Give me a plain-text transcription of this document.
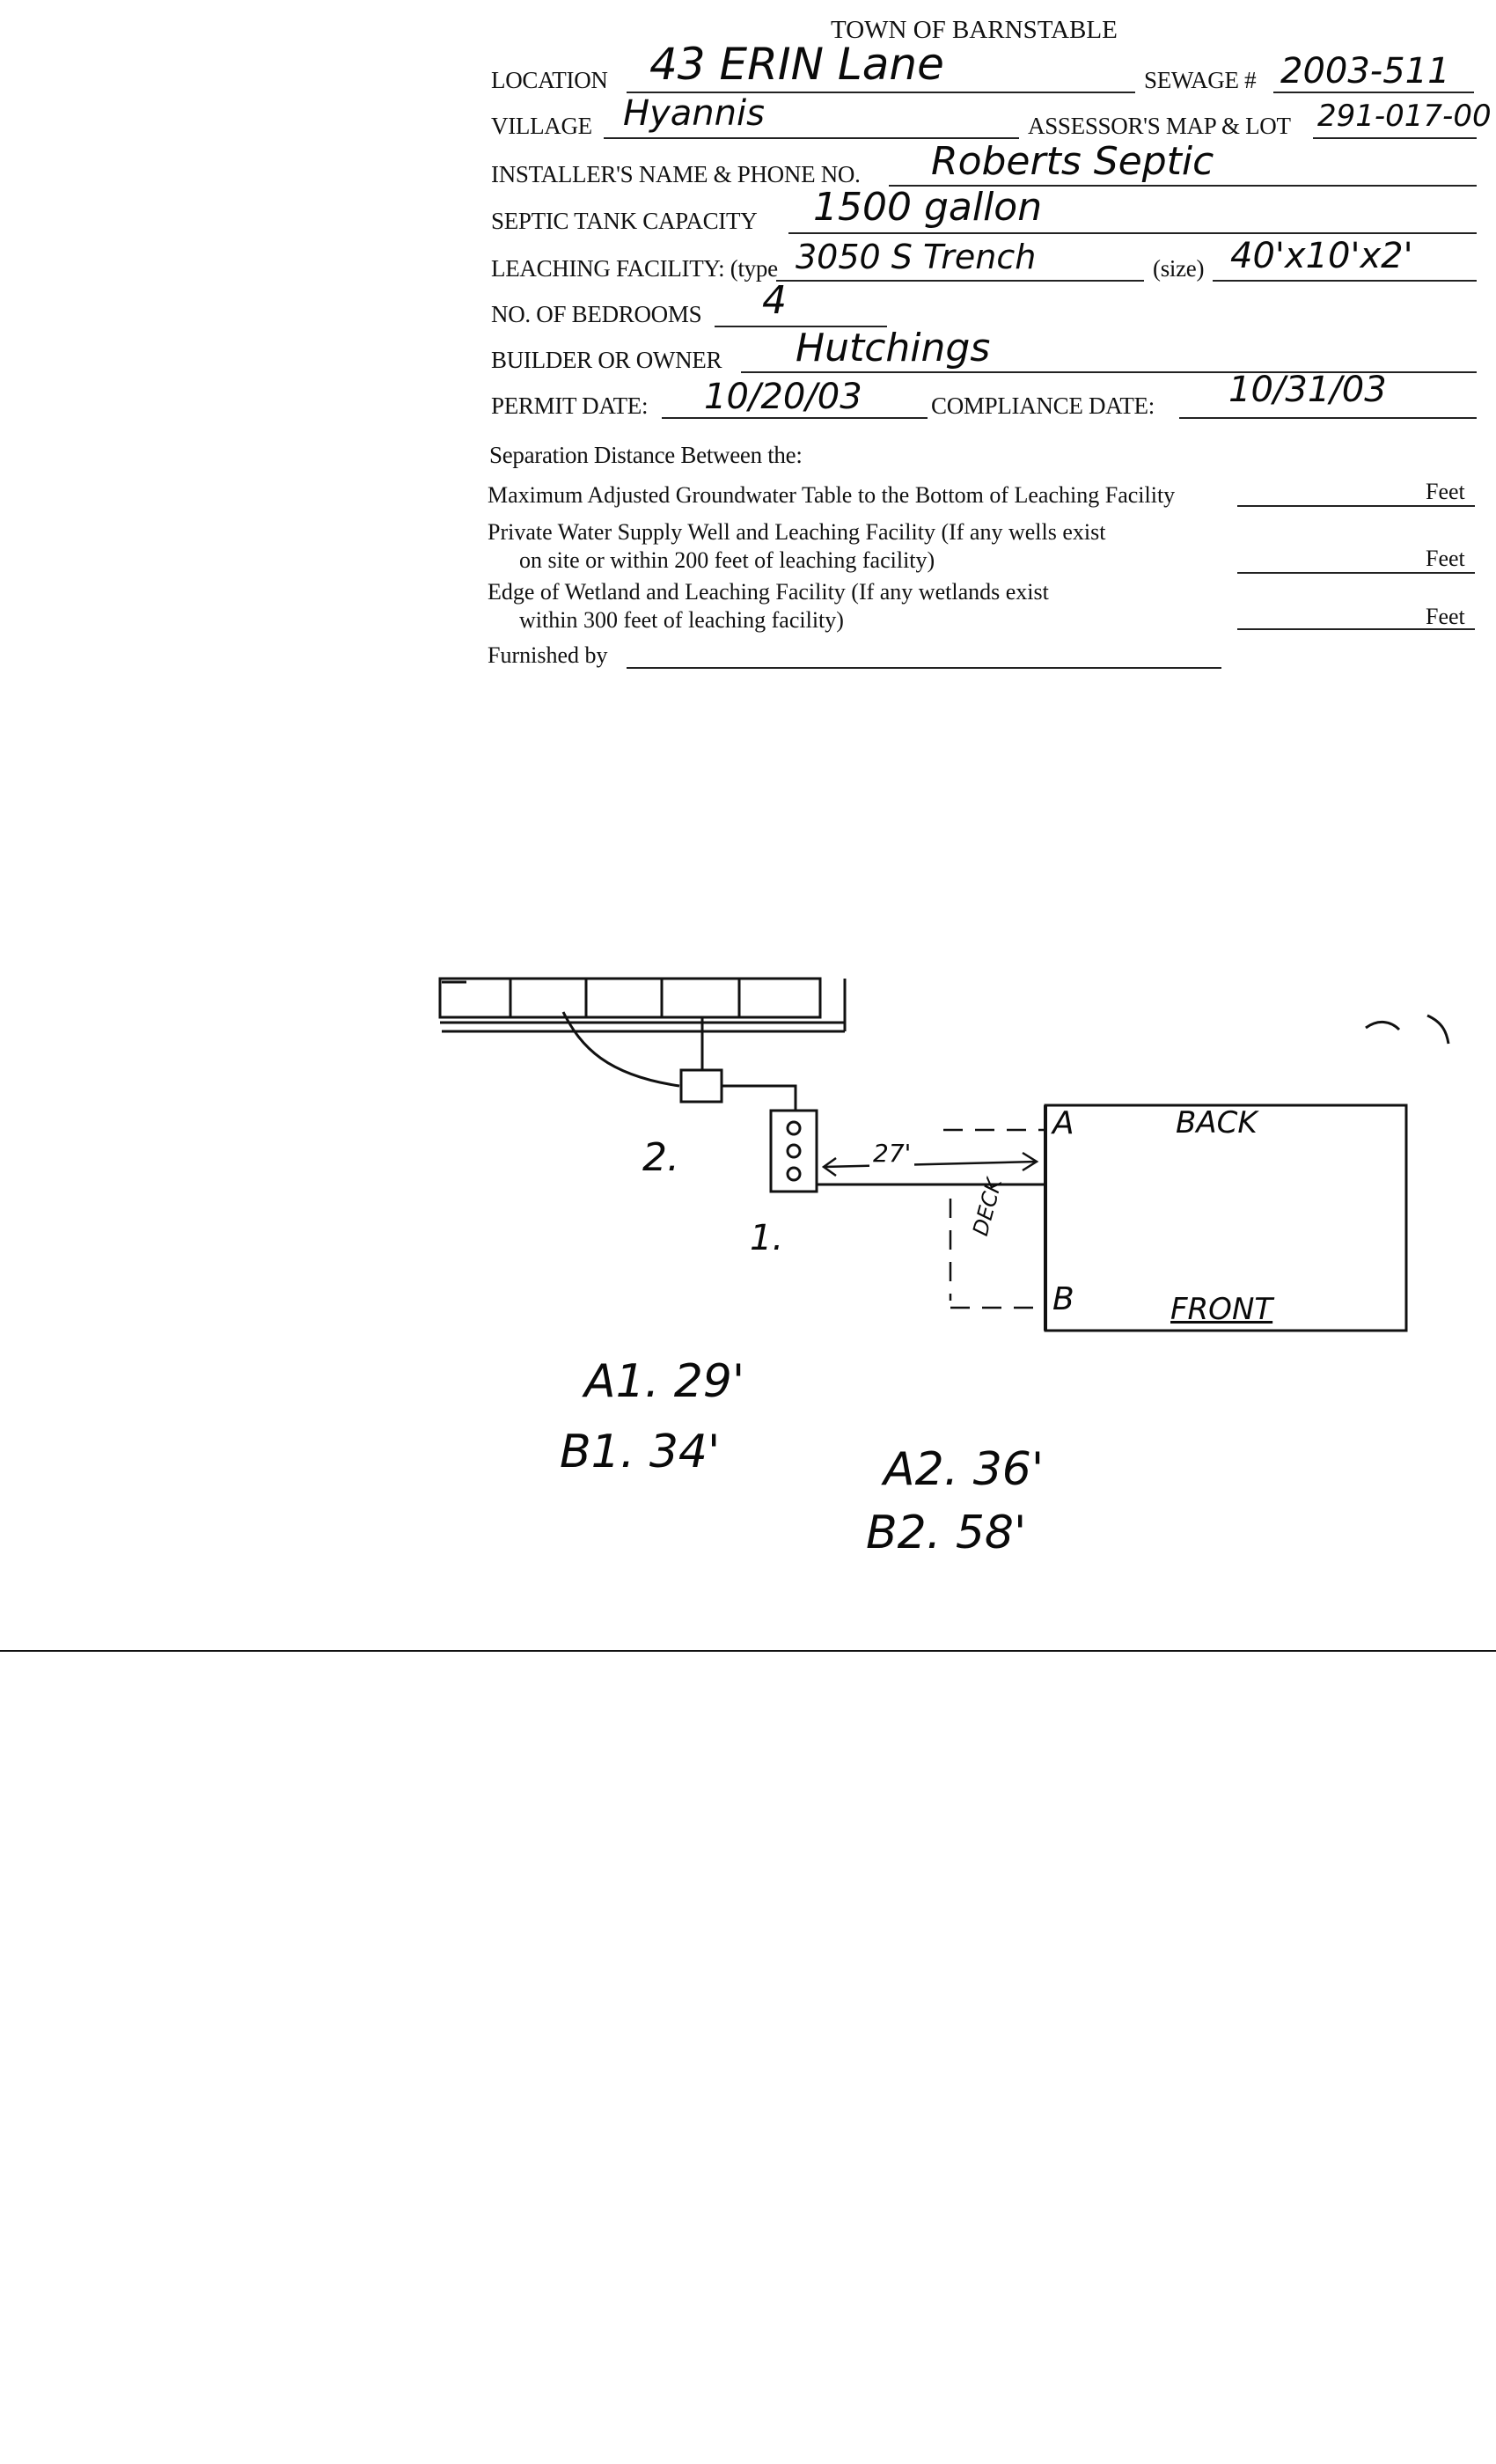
TOWN OF BARNSTABLE
LOCATION 43 ERIN Lane	SEWAGE # 2003-511
VILLAGE Hyannis	ASSESSOR'S MAP & LOT 291-017-00
INSTALLER'S NAME & PHONE NO. Roberts Septic
SEPTIC TANK CAPACITY 1500 gallon
LEACHING FACILITY: (type 3050 S Trench	(size) 40'x10'x2'
NO. OF BEDROOMS 4
BUILDER OR OWNER Hutchings
PERMIT DATE: 10/20/03	COMPLIANCE DATE: 10/31/03
Separation Distance Between the:
Maximum Adjusted Groundwater Table to the Bottom of Leaching Facility	Feet
Private Water Supply Well and Leaching Facility (If any wells exist
on site or within 200 feet of leaching facility)	Feet
Edge of Wetland and Leaching Facility (If any wetlands exist
within 300 feet of leaching facility)	Feet
Furnished by
2.
1.
27'
DECK
A
B
BACK
FRONT
A1. 29'
B1. 34'	A2. 36'
B2. 58'
